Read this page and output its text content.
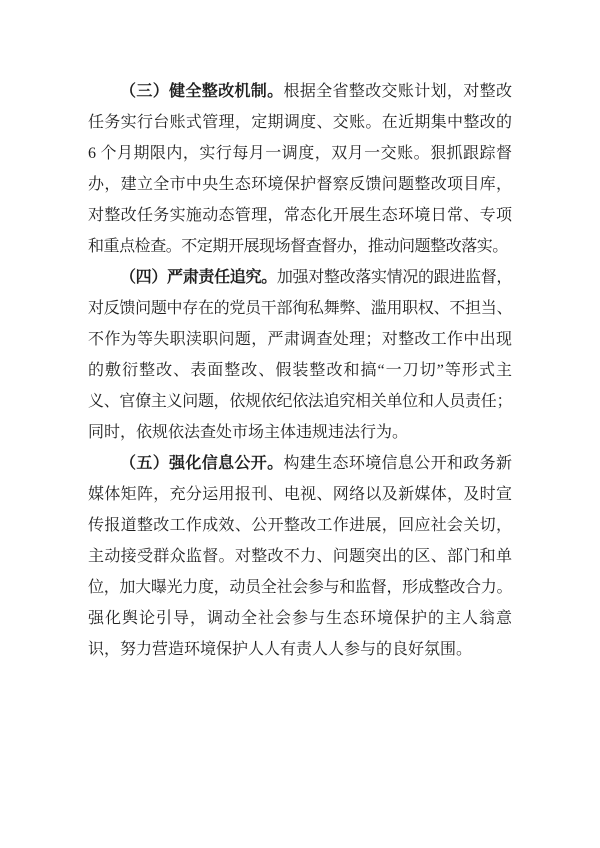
（三）健全整改机制。根据全省整改交账计划，对整改
任务实行台账式管理，定期调度、交账。在近期集中整改的
6 个月期限内，实行每月一调度，双月一交账。狠抓跟踪督
办，建立全市中央生态环境保护督察反馈问题整改项目库，
对整改任务实施动态管理，常态化开展生态环境日常、专项
和重点检查。不定期开展现场督查督办，推动问题整改落实。
（四）严肃责任追究。加强对整改落实情况的跟进监督，
对反馈问题中存在的党员干部徇私舞弊、滥用职权、不担当、
不作为等失职渎职问题，严肃调查处理；对整改工作中出现
的敷衍整改、表面整改、假装整改和搞“一刀切”等形式主
义、官僚主义问题，依规依纪依法追究相关单位和人员责任；
同时，依规依法查处市场主体违规违法行为。
（五）强化信息公开。构建生态环境信息公开和政务新
媒体矩阵，充分运用报刊、电视、网络以及新媒体，及时宣
传报道整改工作成效、公开整改工作进展，回应社会关切，
主动接受群众监督。对整改不力、问题突出的区、部门和单
位，加大曝光力度，动员全社会参与和监督，形成整改合力。
强化舆论引导，调动全社会参与生态环境保护的主人翁意
识，努力营造环境保护人人有责人人参与的良好氛围。
